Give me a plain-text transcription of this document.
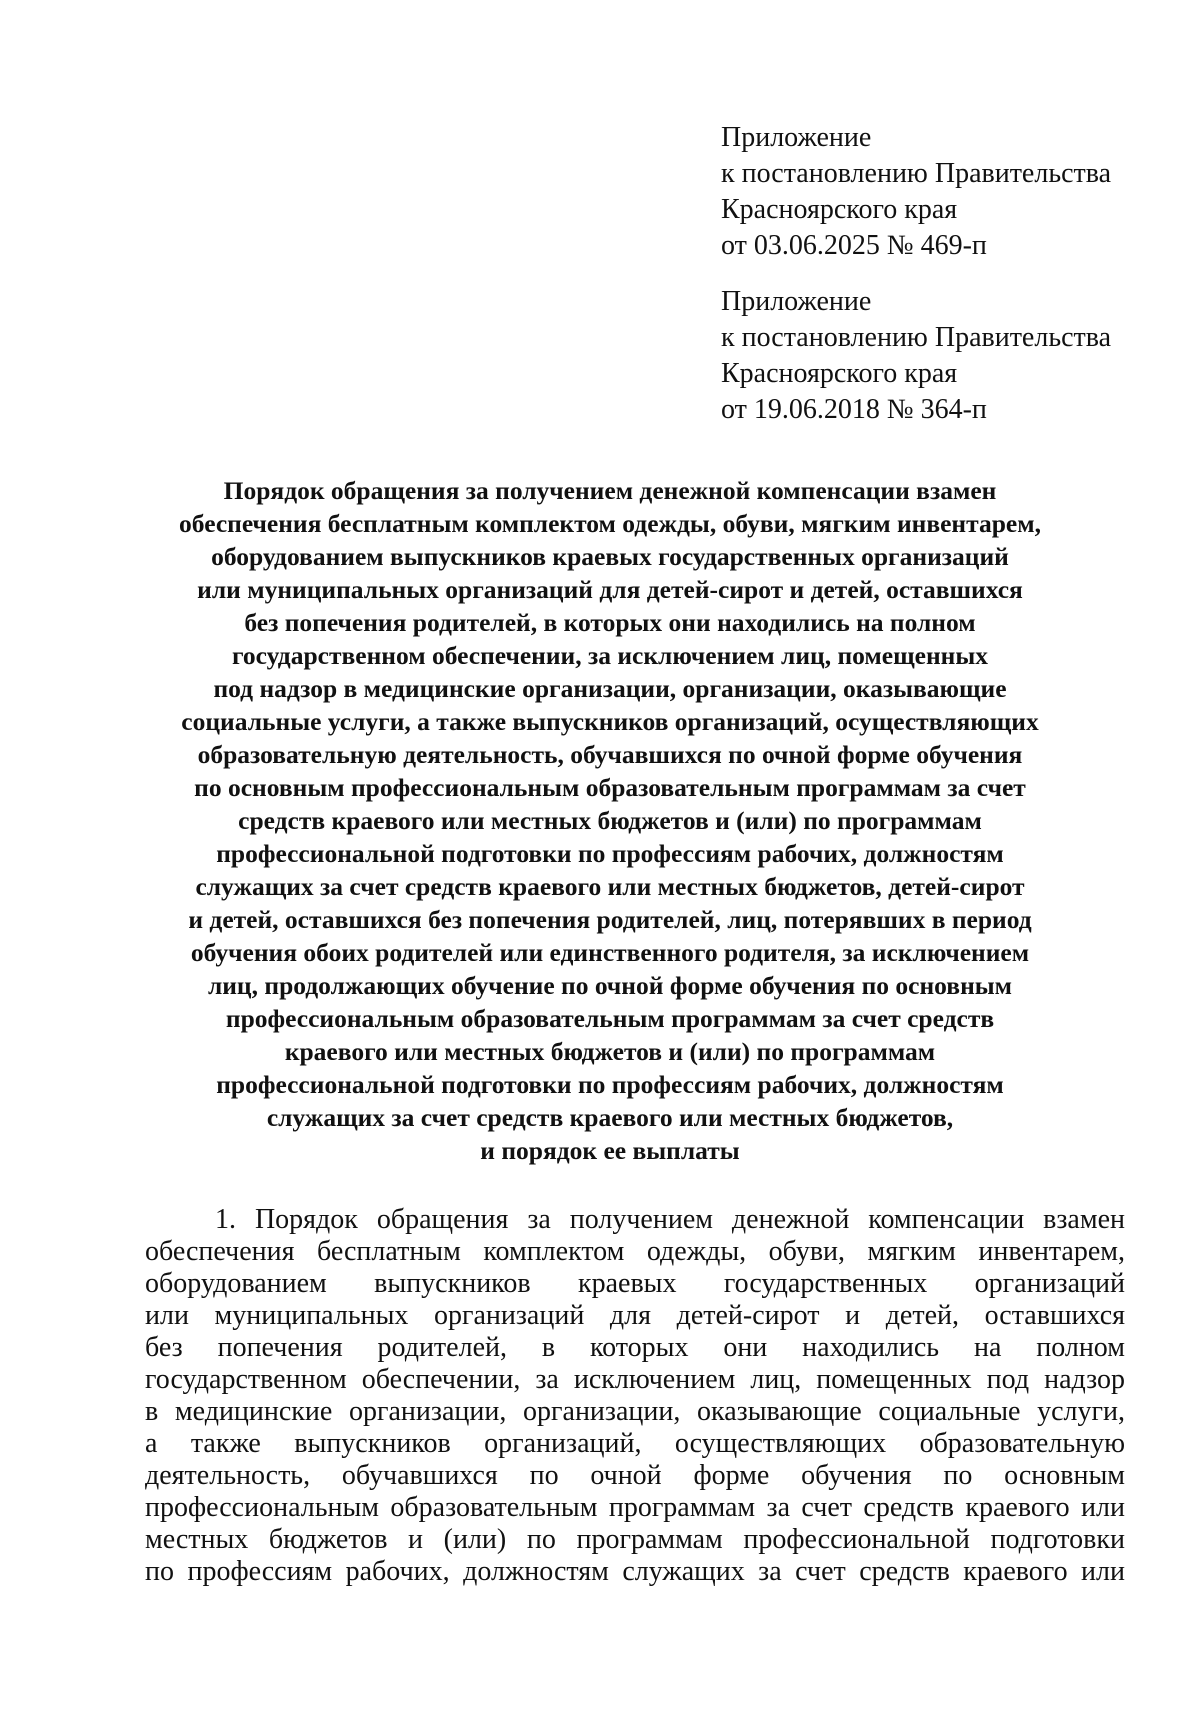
Приложение
к постановлению Правительства
Красноярского края
от 03.06.2025 № 469-п
Приложение
к постановлению Правительства
Красноярского края
от 19.06.2018 № 364-п
Порядок обращения за получением денежной компенсации взамен
обеспечения бесплатным комплектом одежды, обуви, мягким инвентарем,
оборудованием выпускников краевых государственных организаций
или муниципальных организаций для детей-сирот и детей, оставшихся
без попечения родителей, в которых они находились на полном
государственном обеспечении, за исключением лиц, помещенных
под надзор в медицинские организации, организации, оказывающие
социальные услуги, а также выпускников организаций, осуществляющих
образовательную деятельность, обучавшихся по очной форме обучения
по основным профессиональным образовательным программам за счет
средств краевого или местных бюджетов и (или) по программам
профессиональной подготовки по профессиям рабочих, должностям
служащих за счет средств краевого или местных бюджетов, детей-сирот
и детей, оставшихся без попечения родителей, лиц, потерявших в период
обучения обоих родителей или единственного родителя, за исключением
лиц, продолжающих обучение по очной форме обучения по основным
профессиональным образовательным программам за счет средств
краевого или местных бюджетов и (или) по программам
профессиональной подготовки по профессиям рабочих, должностям
служащих за счет средств краевого или местных бюджетов,
и порядок ее выплаты
1. Порядок обращения за получением денежной компенсации взамен
обеспечения бесплатным комплектом одежды, обуви, мягким инвентарем,
оборудованием выпускников краевых государственных организаций
или муниципальных организаций для детей-сирот и детей, оставшихся
без попечения родителей, в которых они находились на полном
государственном обеспечении, за исключением лиц, помещенных под надзор
в медицинские организации, организации, оказывающие социальные услуги,
а также выпускников организаций, осуществляющих образовательную
деятельность, обучавшихся по очной форме обучения по основным
профессиональным образовательным программам за счет средств краевого или
местных бюджетов и (или) по программам профессиональной подготовки
по профессиям рабочих, должностям служащих за счет средств краевого или
